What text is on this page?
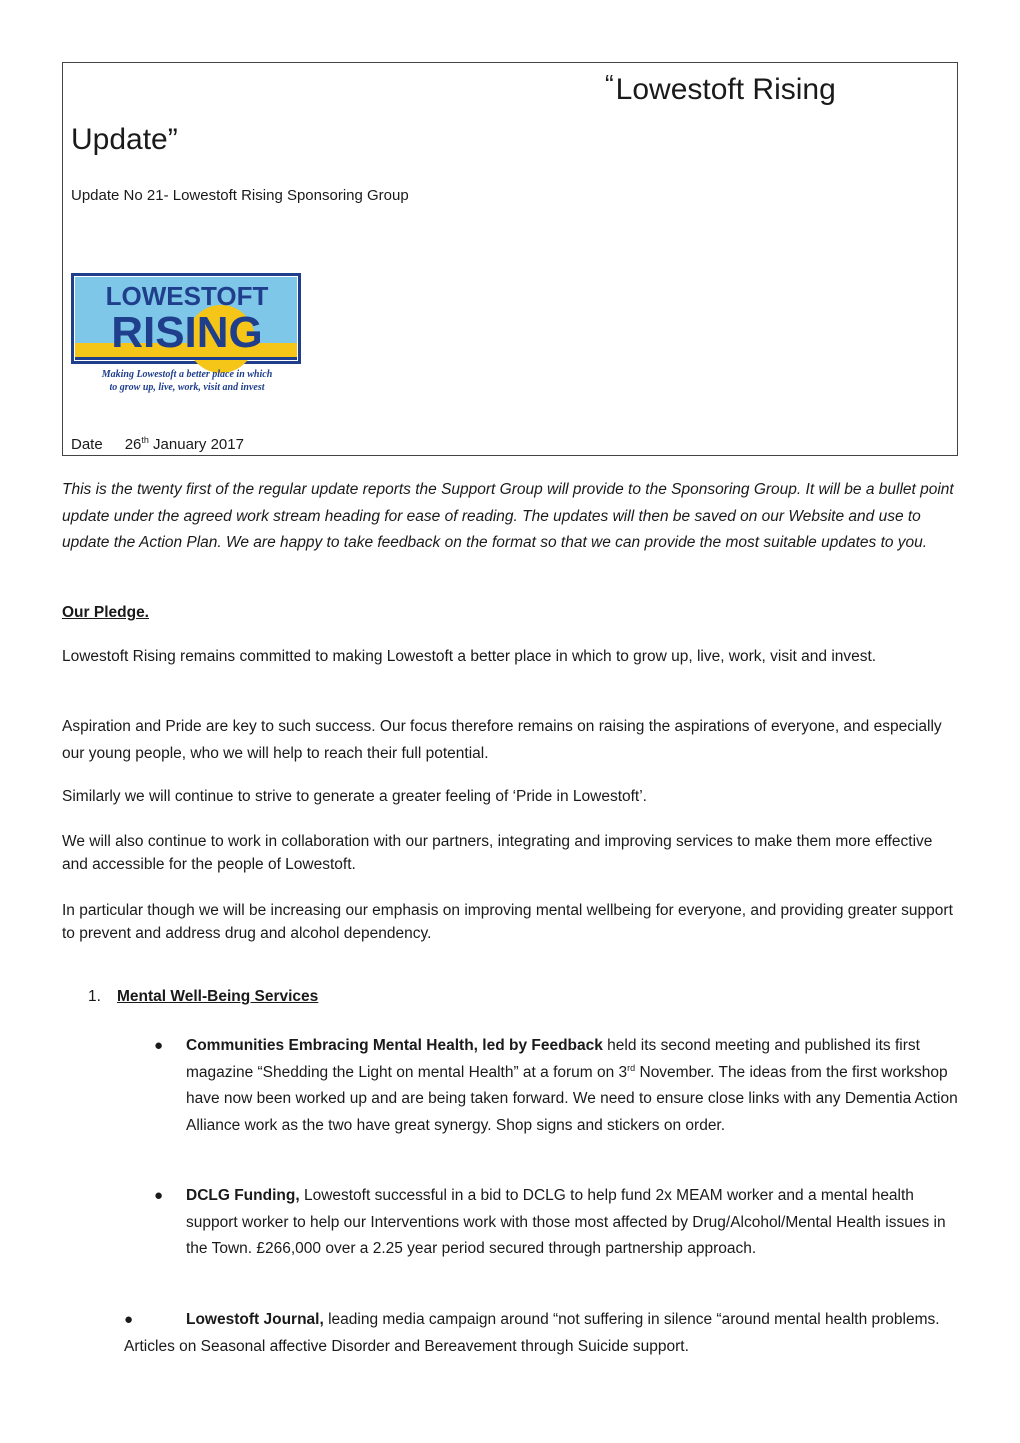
“Lowestoft Rising
Update”
Update No 21- Lowestoft Rising Sponsoring Group
LOWESTOFT
RISING
Making Lowestoft a better place in which
to grow up, live, work, visit and invest
Date 26th January 2017
This is the twenty first of the regular update reports the Support Group will provide to the Sponsoring Group. It will be a bullet point update under the agreed work stream heading for ease of reading. The updates will then be saved on our Website and use to update the Action Plan. We are happy to take feedback on the format so that we can provide the most suitable updates to you.
Our Pledge.
Lowestoft Rising remains committed to making Lowestoft a better place in which to grow up, live, work, visit and invest.
Aspiration and Pride are key to such success. Our focus therefore remains on raising the aspirations of everyone, and especially our young people, who we will help to reach their full potential.
Similarly we will continue to strive to generate a greater feeling of ‘Pride in Lowestoft’.
We will also continue to work in collaboration with our partners, integrating and improving services to make them more effective and accessible for the people of Lowestoft.
In particular though we will be increasing our emphasis on improving mental wellbeing for everyone, and providing greater support to prevent and address drug and alcohol dependency.
1. Mental Well-Being Services
● Communities Embracing Mental Health, led by Feedback held its second meeting and published its first magazine “Shedding the Light on mental Health” at a forum on 3rd November. The ideas from the first workshop have now been worked up and are being taken forward. We need to ensure close links with any Dementia Action Alliance work as the two have great synergy. Shop signs and stickers on order.
● DCLG Funding, Lowestoft successful in a bid to DCLG to help fund 2x MEAM worker and a mental health support worker to help our Interventions work with those most affected by Drug/Alcohol/Mental Health issues in the Town. £266,000 over a 2.25 year period secured through partnership approach.
●	Lowestoft Journal, leading media campaign around “not suffering in silence “around mental health problems. Articles on Seasonal affective Disorder and Bereavement through Suicide support.
